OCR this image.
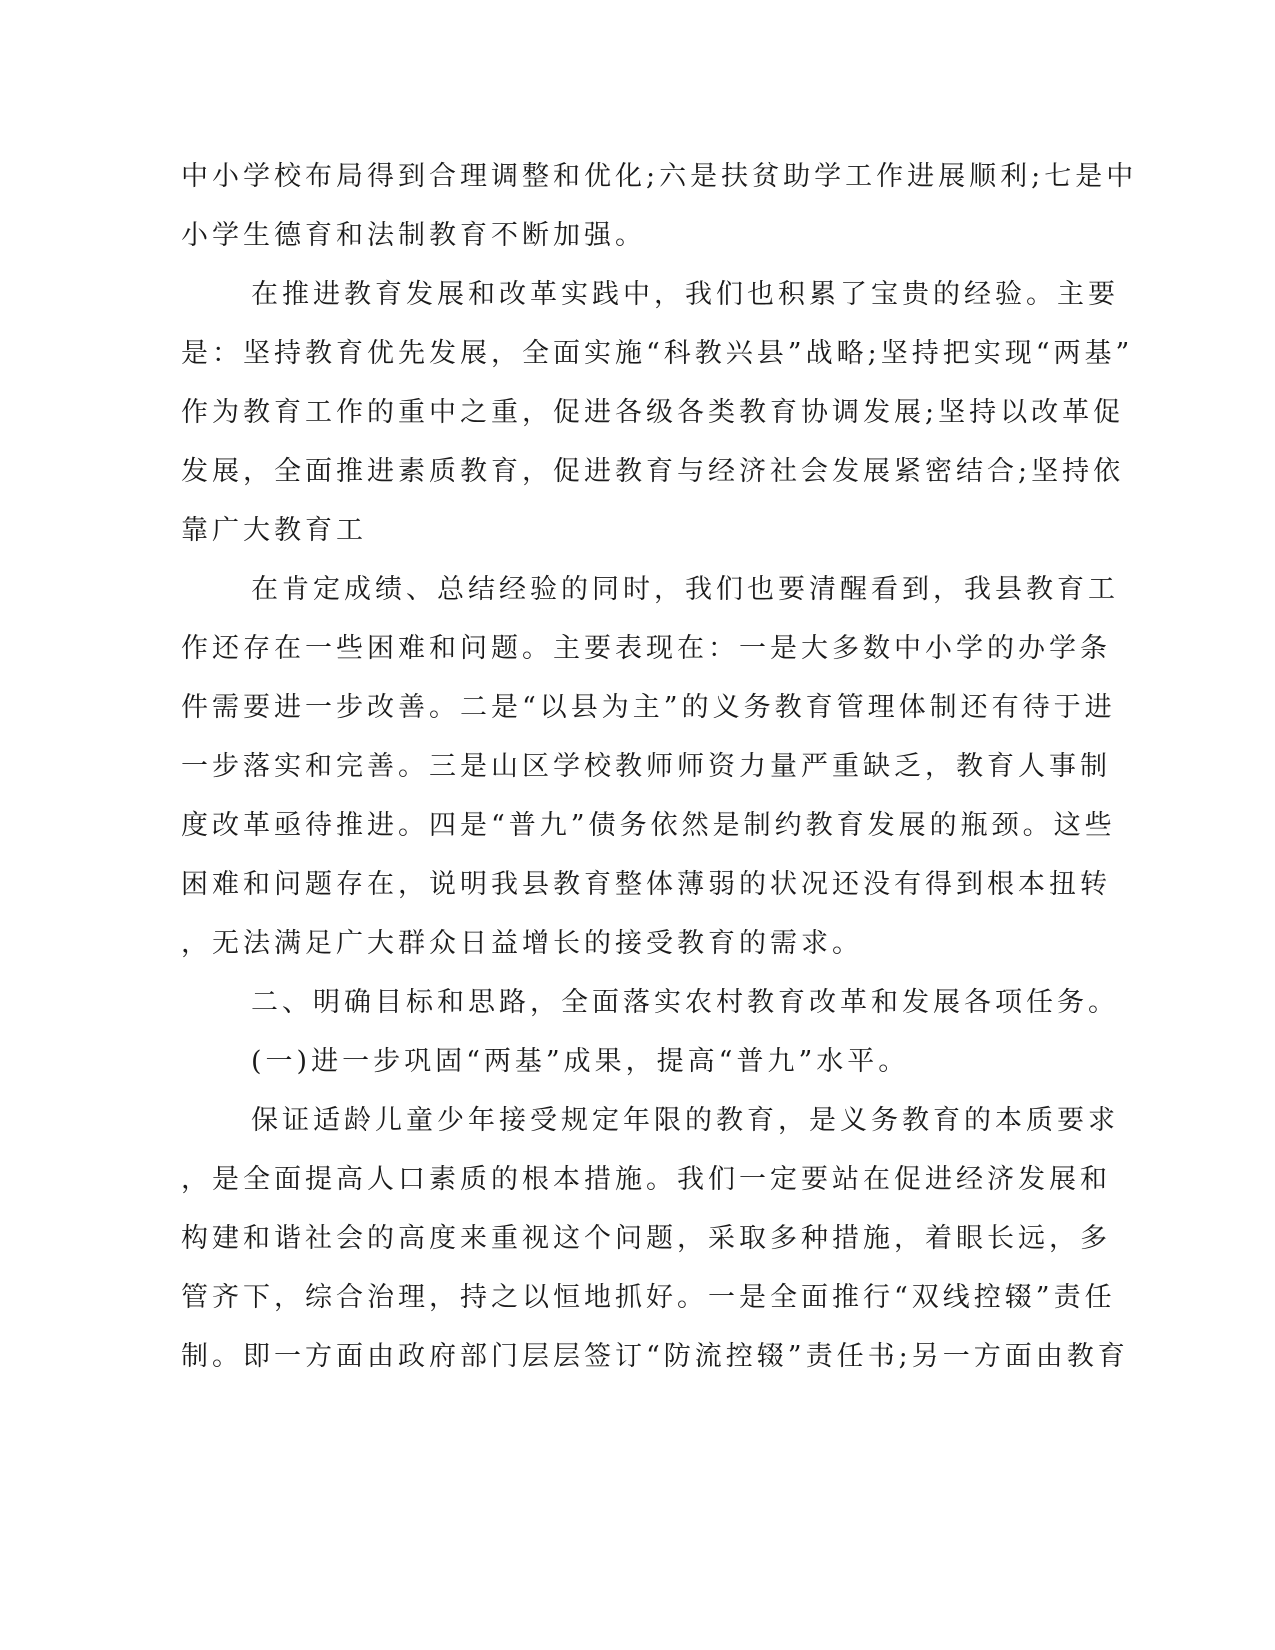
中小学校布局得到合理调整和优化;六是扶贫助学工作进展顺利;七是中
小学生德育和法制教育不断加强。
在推进教育发展和改革实践中，我们也积累了宝贵的经验。主要
是：坚持教育优先发展，全面实施“科教兴县”战略;坚持把实现“两基”
作为教育工作的重中之重，促进各级各类教育协调发展;坚持以改革促
发展，全面推进素质教育，促进教育与经济社会发展紧密结合;坚持依
靠广大教育工
在肯定成绩、总结经验的同时，我们也要清醒看到，我县教育工
作还存在一些困难和问题。主要表现在：一是大多数中小学的办学条
件需要进一步改善。二是“以县为主”的义务教育管理体制还有待于进
一步落实和完善。三是山区学校教师师资力量严重缺乏，教育人事制
度改革亟待推进。四是“普九”债务依然是制约教育发展的瓶颈。这些
困难和问题存在，说明我县教育整体薄弱的状况还没有得到根本扭转
，无法满足广大群众日益增长的接受教育的需求。
二、明确目标和思路，全面落实农村教育改革和发展各项任务。
(一)进一步巩固“两基”成果，提高“普九”水平。
保证适龄儿童少年接受规定年限的教育，是义务教育的本质要求
，是全面提高人口素质的根本措施。我们一定要站在促进经济发展和
构建和谐社会的高度来重视这个问题，采取多种措施，着眼长远，多
管齐下，综合治理，持之以恒地抓好。一是全面推行“双线控辍”责任
制。即一方面由政府部门层层签订“防流控辍”责任书;另一方面由教育
